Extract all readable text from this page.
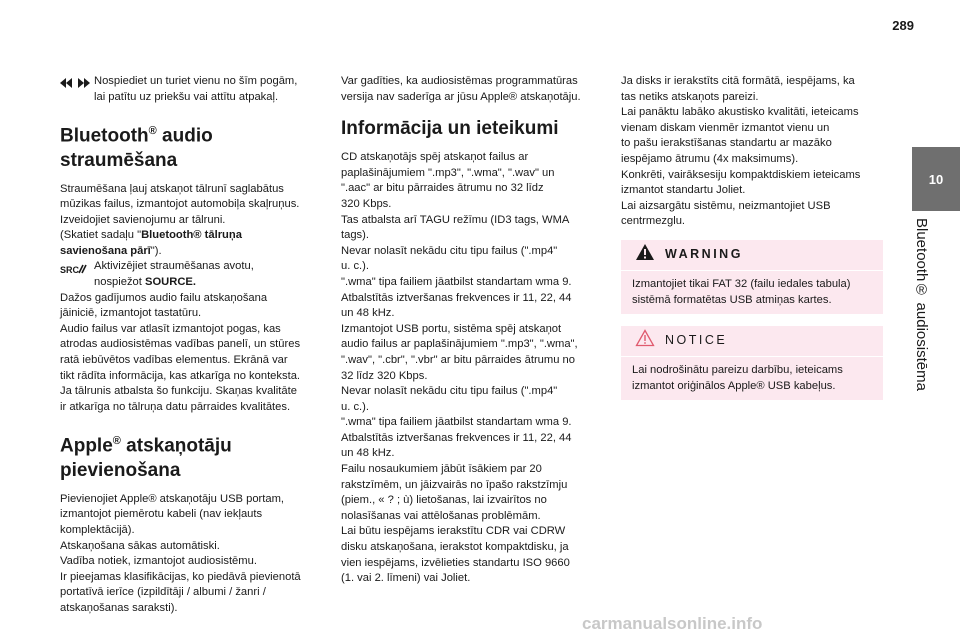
289
10
Bluetooth® audiosistēma
Nospiediet un turiet vienu no šīm pogām,
lai patītu uz priekšu vai attītu atpakaļ.
Bluetooth® audio
straumēšana

Straumēšana ļauj atskaņot tālrunī saglabātus
mūzikas failus, izmantojot automobiļa skaļruņus.
Izveidojiet savienojumu ar tālruni.
(Skatiet sadaļu "Bluetooth® tālruņa
savienošana pārī").

SRC Aktivizējiet straumēšanas avotu,
nospiežot SOURCE.

Dažos gadījumos audio failu atskaņošana
jāiniciē, izmantojot tastatūru.
Audio failus var atlasīt izmantojot pogas, kas
atrodas audiosistēmas vadības panelī, un stūres
ratā iebūvētos vadības elementus. Ekrānā var
tikt rādīta informācija, kas atkarīga no konteksta.
Ja tālrunis atbalsta šo funkciju. Skaņas kvalitāte
ir atkarīga no tālruņa datu pārraides kvalitātes.

Apple® atskaņotāju
pievienošana

Pievienojiet Apple® atskaņotāju USB portam,
izmantojot piemērotu kabeli (nav iekļauts
komplektācijā).
Atskaņošana sākas automātiski.
Vadība notiek, izmantojot audiosistēmu.
Ir pieejamas klasifikācijas, ko piedāvā pievienotā
portatīvā ierīce (izpildītāji / albumi / žanri /
atskaņošanas saraksti).

Var gadīties, ka audiosistēmas programmatūras
versija nav saderīga ar jūsu Apple® atskaņotāju.

Informācija un ieteikumi

CD atskaņotājs spēj atskaņot failus ar
paplašinājumiem ".mp3", ".wma", ".wav" un
".aac" ar bitu pārraides ātrumu no 32 līdz
320 Kbps.
Tas atbalsta arī TAGU režīmu (ID3 tags, WMA
tags).
Nevar nolasīt nekādu citu tipu failus (".mp4"
u. c.).
".wma" tipa failiem jāatbilst standartam wma 9.
Atbalstītās iztveršanas frekvences ir 11, 22, 44
un 48 kHz.
Izmantojot USB portu, sistēma spēj atskaņot
audio failus ar paplašinājumiem ".mp3", ".wma",
".wav", ".cbr", ".vbr" ar bitu pārraides ātrumu no
32 līdz 320 Kbps.
Nevar nolasīt nekādu citu tipu failus (".mp4"
u. c.).
".wma" tipa failiem jāatbilst standartam wma 9.
Atbalstītās iztveršanas frekvences ir 11, 22, 44
un 48 kHz.
Failu nosaukumiem jābūt īsākiem par 20
rakstzīmēm, un jāizvairās no īpašo rakstzīmju
(piem., « ? ; ù) lietošanas, lai izvairītos no
nolasīšanas vai attēlošanas problēmām.
Lai būtu iespējams ierakstītu CDR vai CDRW
disku atskaņošana, ierakstot kompaktdisku, ja
vien iespējams, izvēlieties standartu ISO 9660
(1. vai 2. līmeni) vai Joliet.

Ja disks ir ierakstīts citā formātā, iespējams, ka
tas netiks atskaņots pareizi.
Lai panāktu labāko akustisko kvalitāti, ieteicams
vienam diskam vienmēr izmantot vienu un
to pašu ierakstīšanas standartu ar mazāko
iespējamo ātrumu (4x maksimums).
Konkrēti, vairāksesiju kompaktdiskiem ieteicams
izmantot standartu Joliet.
Lai aizsargātu sistēmu, neizmantojiet USB
centrmezglu.

WARNING
Izmantojiet tikai FAT 32 (failu iedales tabula)
sistēmā formatētas USB atmiņas kartes.
NOTICE
Lai nodrošinātu pareizu darbību, ieteicams
izmantot oriģinālos Apple® USB kabeļus.
carmanualsonline.info
